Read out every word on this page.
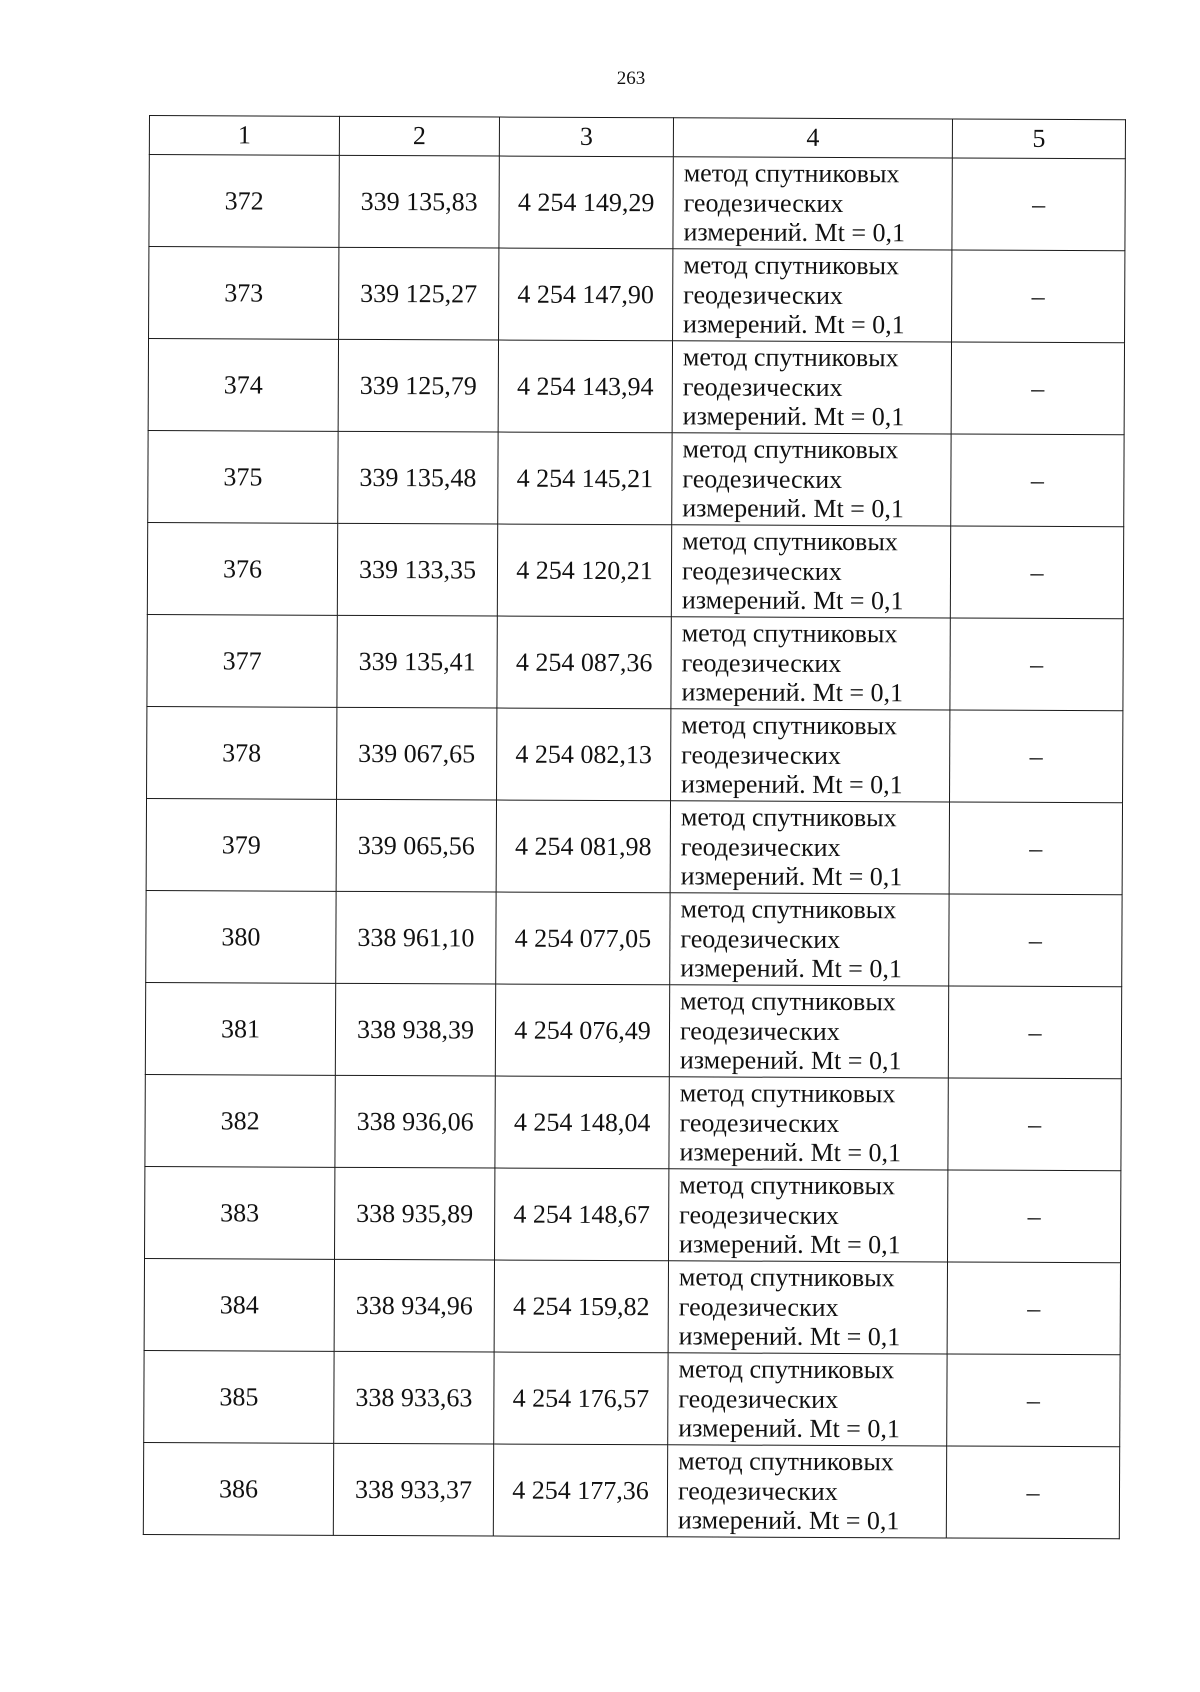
263
1	2	3	4	5
372	339 135,83	4 254 149,29	метод спутниковых
геодезических
измерений. Mt = 0,1	–
373	339 125,27	4 254 147,90	метод спутниковых
геодезических
измерений. Mt = 0,1	–
374	339 125,79	4 254 143,94	метод спутниковых
геодезических
измерений. Mt = 0,1	–
375	339 135,48	4 254 145,21	метод спутниковых
геодезических
измерений. Mt = 0,1	–
376	339 133,35	4 254 120,21	метод спутниковых
геодезических
измерений. Mt = 0,1	–
377	339 135,41	4 254 087,36	метод спутниковых
геодезических
измерений. Mt = 0,1	–
378	339 067,65	4 254 082,13	метод спутниковых
геодезических
измерений. Mt = 0,1	–
379	339 065,56	4 254 081,98	метод спутниковых
геодезических
измерений. Mt = 0,1	–
380	338 961,10	4 254 077,05	метод спутниковых
геодезических
измерений. Mt = 0,1	–
381	338 938,39	4 254 076,49	метод спутниковых
геодезических
измерений. Mt = 0,1	–
382	338 936,06	4 254 148,04	метод спутниковых
геодезических
измерений. Mt = 0,1	–
383	338 935,89	4 254 148,67	метод спутниковых
геодезических
измерений. Mt = 0,1	–
384	338 934,96	4 254 159,82	метод спутниковых
геодезических
измерений. Mt = 0,1	–
385	338 933,63	4 254 176,57	метод спутниковых
геодезических
измерений. Mt = 0,1	–
386	338 933,37	4 254 177,36	метод спутниковых
геодезических
измерений. Mt = 0,1	–
